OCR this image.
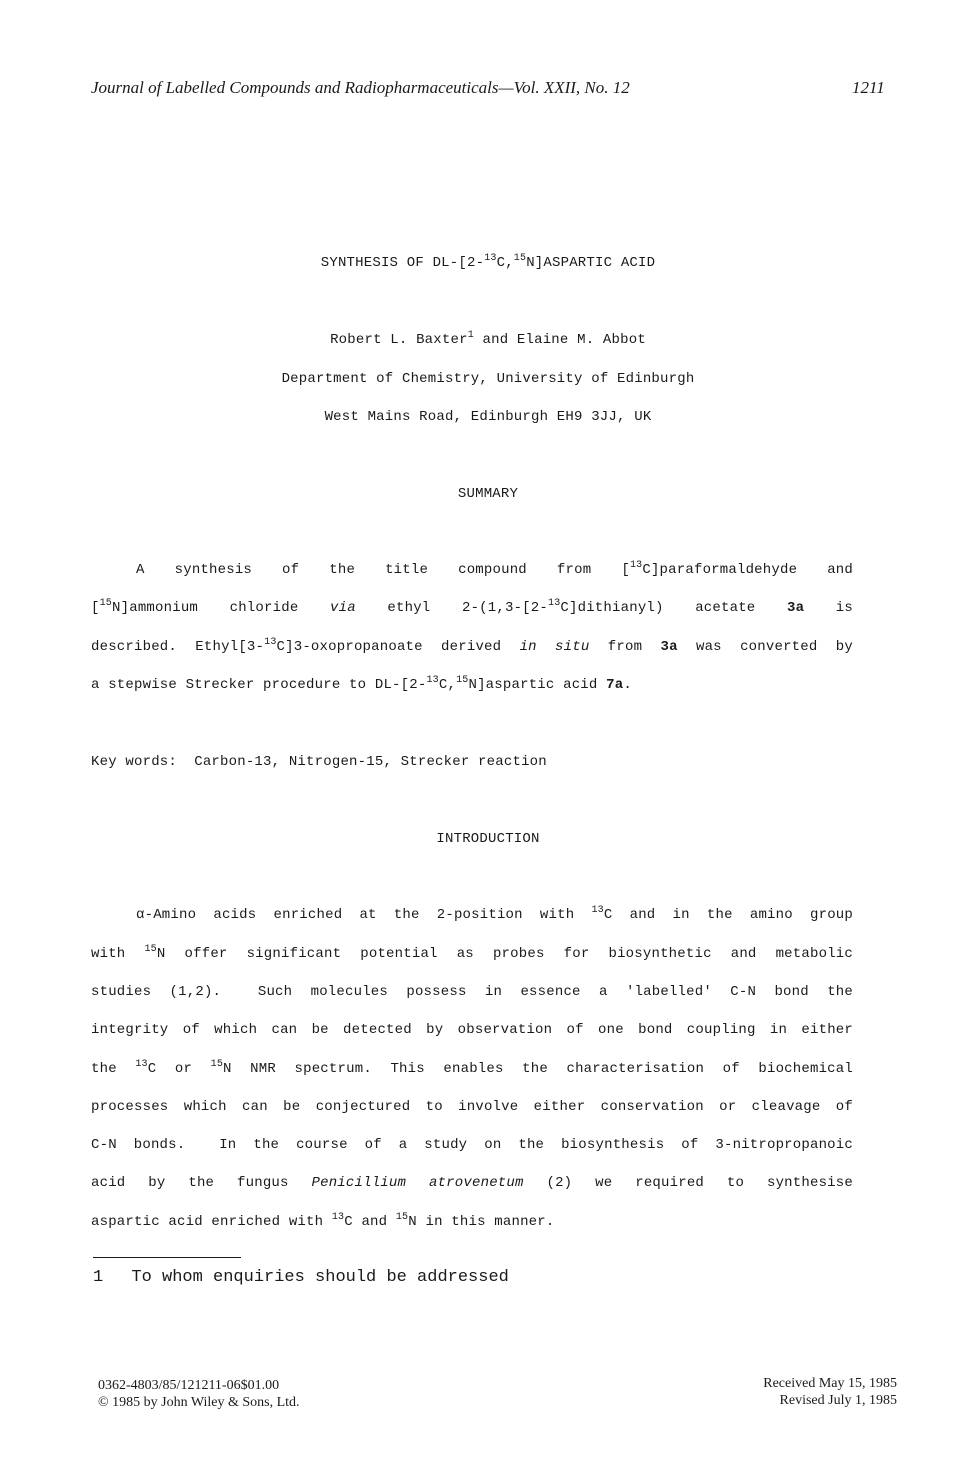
Journal of Labelled Compounds and Radiopharmaceuticals—Vol. XXII, No. 12	1211
SYNTHESIS OF DL-[2-$^{13}$C,$^{15}$N]ASPARTIC ACID
Robert L. Baxter$^1$ and Elaine M. Abbot
Department of Chemistry, University of Edinburgh
West Mains Road, Edinburgh EH9 3JJ, UK
SUMMARY
A synthesis of the title compound from [$^{13}$C]paraformaldehyde and
[$^{15}$N]ammonium chloride via ethyl 2-(1,3-[2-$^{13}$C]dithianyl) acetate 3a is
described. Ethyl[3-$^{13}$C]3-oxopropanoate derived in situ from 3a was converted by
a stepwise Strecker procedure to DL-[2-$^{13}$C,$^{15}$N]aspartic acid 7a.
Key words:  Carbon-13, Nitrogen-15, Strecker reaction
INTRODUCTION
α-Amino acids enriched at the 2-position with $^{13}$C and in the amino group
with $^{15}$N offer significant potential as probes for biosynthetic and metabolic
studies (1,2).  Such molecules possess in essence a 'labelled' C-N bond the
integrity of which can be detected by observation of one bond coupling in either
the $^{13}$C or $^{15}$N NMR spectrum. This enables the characterisation of biochemical
processes which can be conjectured to involve either conservation or cleavage of
C-N bonds.  In the course of a study on the biosynthesis of 3-nitropropanoic
acid by the fungus Penicillium atrovenetum (2) we required to synthesise
aspartic acid enriched with $^{13}$C and $^{15}$N in this manner.
1 To whom enquiries should be addressed
0362-4803/85/121211-06$01.00
© 1985 by John Wiley & Sons, Ltd.
Received May 15, 1985
Revised July 1, 1985
